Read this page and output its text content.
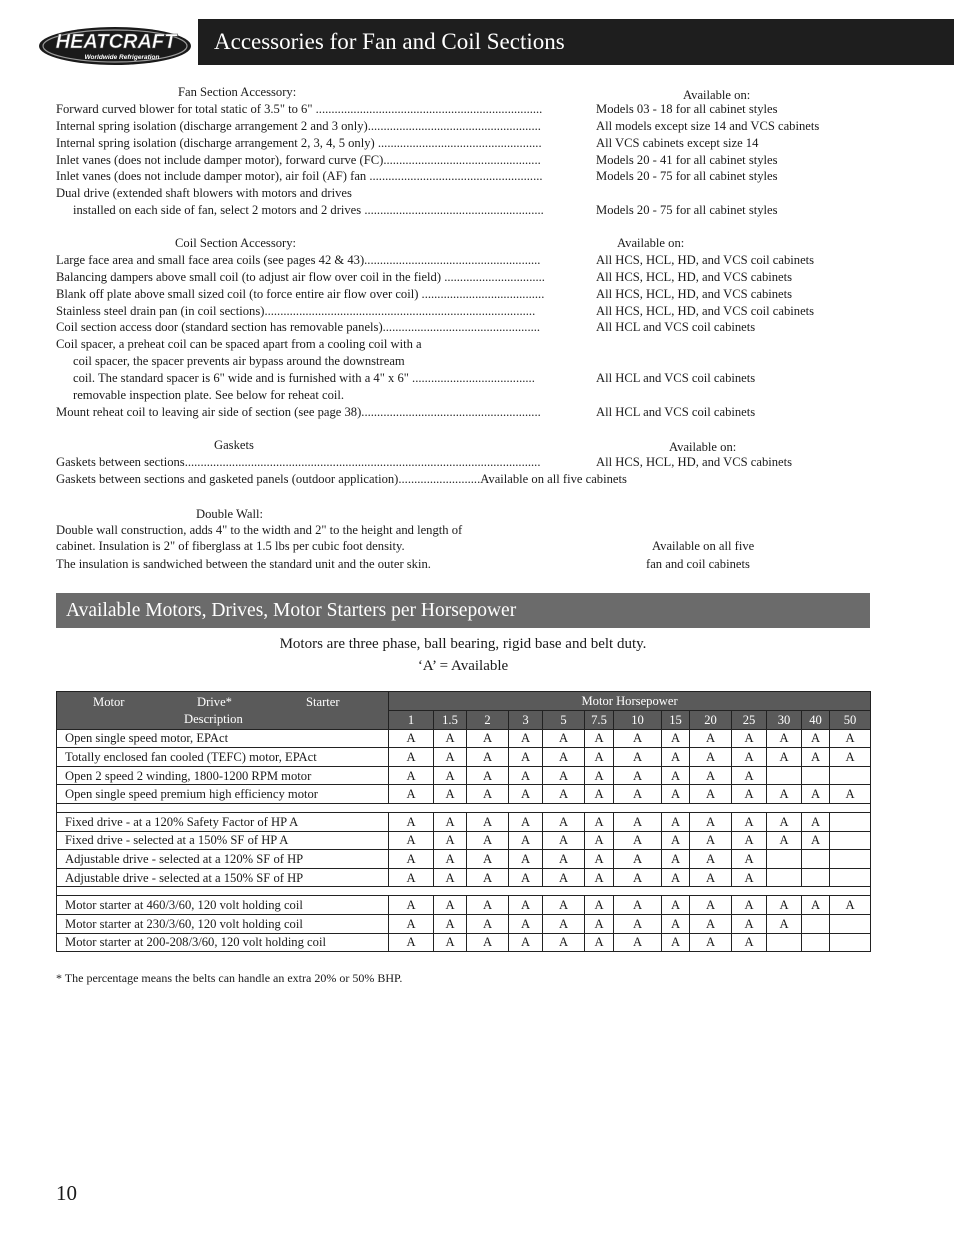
HEATCRAFT
Worldwide Refrigeration
Accessories for Fan and Coil Sections
Fan Section Accessory:	Available on:
Forward curved blower for total static of 3.5" to 6" ........................................................................	Models 03 - 18 for all cabinet styles
Internal spring isolation (discharge arrangement 2 and 3 only).......................................................	All models except size 14 and VCS cabinets
Internal spring isolation (discharge arrangement 2, 3, 4, 5 only) ....................................................	All VCS cabinets except size 14
Inlet vanes (does not include damper motor), forward curve (FC)..................................................	Models 20 - 41 for all cabinet styles
Inlet vanes (does not include damper motor), air foil (AF) fan .......................................................	Models 20 - 75 for all cabinet styles
Dual drive (extended shaft blowers with motors and drives
installed on each side of fan, select 2 motors and 2 drives .........................................................	Models 20 - 75 for all cabinet styles
Coil Section Accessory:	Available on:
Large face area and small face area coils (see pages 42 & 43)........................................................	All HCS, HCL, HD, and VCS coil cabinets
Balancing dampers above small coil (to adjust air flow over coil in the field) ................................	All HCS, HCL, HD, and VCS cabinets
Blank off plate above small sized coil (to force entire air flow over coil) .......................................	All HCS, HCL, HD, and VCS cabinets
Stainless steel drain pan (in coil sections)......................................................................................	All HCS, HCL, HD, and VCS coil cabinets
Coil section access door (standard section has removable panels)..................................................	All HCL and VCS coil cabinets
Coil spacer, a preheat coil can be spaced apart from a cooling coil with a
coil spacer, the spacer prevents air bypass around the downstream
coil. The standard spacer is 6" wide and is furnished with a 4" x 6" .......................................	All HCL and VCS coil cabinets
removable inspection plate. See below for reheat coil.
Mount reheat coil to leaving air side of section (see page 38).........................................................	All HCL and VCS coil cabinets
Gaskets	Available on:
Gaskets between sections.................................................................................................................	All HCS, HCL, HD, and VCS cabinets
Gaskets between sections and gasketed panels (outdoor application)..........................Available on all five cabinets
Double Wall:
Double wall construction, adds 4" to the width and 2" to the height and length of
cabinet. Insulation is 2" of fiberglass at 1.5 lbs per cubic foot density.
The insulation is sandwiched between the standard unit and the outer skin.
Available on all five
fan and coil cabinets
Available Motors, Drives, Motor Starters per Horsepower
Motors are three phase, ball bearing, rigid base and belt duty.
‘A’ = Available
Motor Drive* Starter
Description	Motor Horsepower												
	1	1.5	2	3	5	7.5	10	15	20	25	30	40	50
Open single speed motor, EPAct	A	A	A	A	A	A	A	A	A	A	A	A	A
Totally enclosed fan cooled (TEFC) motor, EPAct	A	A	A	A	A	A	A	A	A	A	A	A	A
Open 2 speed 2 winding, 1800-1200 RPM motor	A	A	A	A	A	A	A	A	A	A			
Open single speed premium high efficiency motor	A	A	A	A	A	A	A	A	A	A	A	A	A

Fixed drive - at a 120% Safety Factor of HP A	A	A	A	A	A	A	A	A	A	A	A	A	
Fixed drive - selected at a 150% SF of HP A	A	A	A	A	A	A	A	A	A	A	A	A	
Adjustable drive - selected at a 120% SF of HP	A	A	A	A	A	A	A	A	A	A			
Adjustable drive - selected at a 150% SF of HP	A	A	A	A	A	A	A	A	A	A			

Motor starter at 460/3/60, 120 volt holding coil	A	A	A	A	A	A	A	A	A	A	A	A	A
Motor starter at 230/3/60, 120 volt holding coil	A	A	A	A	A	A	A	A	A	A	A		
Motor starter at 200-208/3/60, 120 volt holding coil	A	A	A	A	A	A	A	A	A	A			
* The percentage means the belts can handle an extra 20% or 50% BHP.
10
